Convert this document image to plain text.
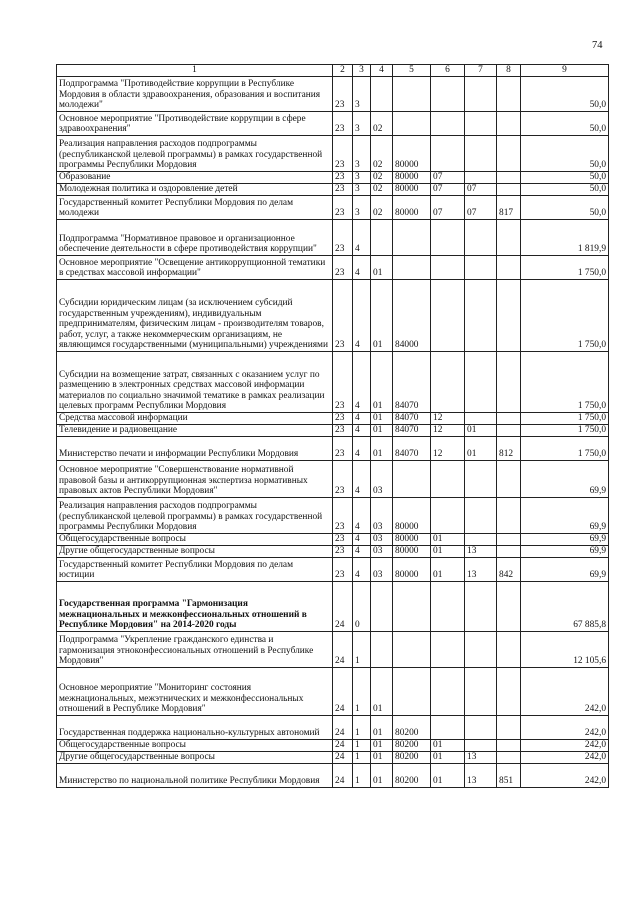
74
1	2	3	4	5	6	7	8	9
Подпрограмма "Противодействие коррупции в Республике Мордовия в области здравоохранения, образования и воспитания молодежи"	23	3						50,0
Основное мероприятие "Противодействие коррупции в сфере здравоохранения"	23	3	02					50,0
Реализация направления расходов подпрограммы (республиканской целевой программы) в рамках государственной программы Республики Мордовия	23	3	02	80000				50,0
Образование	23	3	02	80000	07			50,0
Молодежная политика и оздоровление детей	23	3	02	80000	07	07		50,0
Государственный комитет Республики Мордовия по делам молодежи	23	3	02	80000	07	07	817	50,0
Подпрограмма "Нормативное правовое и организационное обеспечение деятельности в сфере противодействия коррупции"	23	4						1 819,9
Основное мероприятие "Освещение антикоррупционной тематики в средствах массовой информации"	23	4	01					1 750,0
Субсидии юридическим лицам (за исключением субсидий государственным учреждениям), индивидуальным предпринимателям, физическим лицам - производителям товаров, работ, услуг, а также некоммерческим организациям, не являющимся государственными (муниципальными) учреждениями	23	4	01	84000				1 750,0
Субсидии на возмещение затрат, связанных с оказанием услуг по размещению в электронных средствах массовой информации материалов по социально значимой тематике в рамках реализации целевых программ Республики Мордовия	23	4	01	84070				1 750,0
Средства массовой информации	23	4	01	84070	12			1 750,0
Телевидение и радиовещание	23	4	01	84070	12	01		1 750,0
Министерство печати и информации Республики Мордовия	23	4	01	84070	12	01	812	1 750,0
Основное мероприятие "Совершенствование нормативной правовой базы и антикоррупционная экспертиза нормативных правовых актов Республики Мордовия"	23	4	03					69,9
Реализация направления расходов подпрограммы (республиканской целевой программы) в рамках государственной программы Республики Мордовия	23	4	03	80000				69,9
Общегосударственные вопросы	23	4	03	80000	01			69,9
Другие общегосударственные вопросы	23	4	03	80000	01	13		69,9
Государственный комитет Республики Мордовия по делам юстиции	23	4	03	80000	01	13	842	69,9
Государственная программа "Гармонизация межнациональных и межконфессиональных отношений в Республике Мордовия" на 2014-2020 годы	24	0						67 885,8
Подпрограмма "Укрепление гражданского единства и гармонизация этноконфессиональных отношений в Республике Мордовия"	24	1						12 105,6
Основное мероприятие "Мониторинг состояния межнациональных, межэтнических и межконфессиональных отношений в Республике Мордовия"	24	1	01					242,0
Государственная поддержка национально-культурных автономий	24	1	01	80200				242,0
Общегосударственные вопросы	24	1	01	80200	01			242,0
Другие общегосударственные вопросы	24	1	01	80200	01	13		242,0
Министерство по национальной политике Республики Мордовия	24	1	01	80200	01	13	851	242,0
